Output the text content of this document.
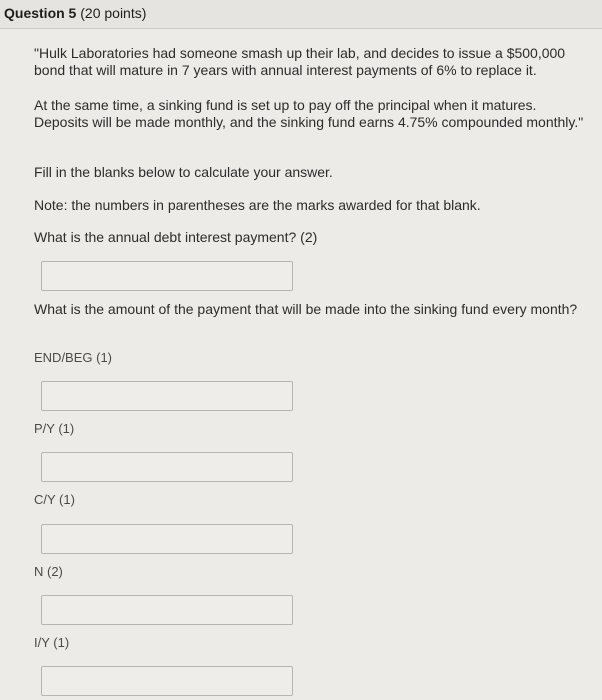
Question 5 (20 points)
"Hulk Laboratories had someone smash up their lab, and decides to issue a $500,000 bond that will mature in 7 years with annual interest payments of 6% to replace it.
At the same time, a sinking fund is set up to pay off the principal when it matures. Deposits will be made monthly, and the sinking fund earns 4.75% compounded monthly."
Fill in the blanks below to calculate your answer.
Note: the numbers in parentheses are the marks awarded for that blank.
What is the annual debt interest payment? (2)
What is the amount of the payment that will be made into the sinking fund every month?
END/BEG (1)
P/Y (1)
C/Y (1)
N (2)
I/Y (1)
